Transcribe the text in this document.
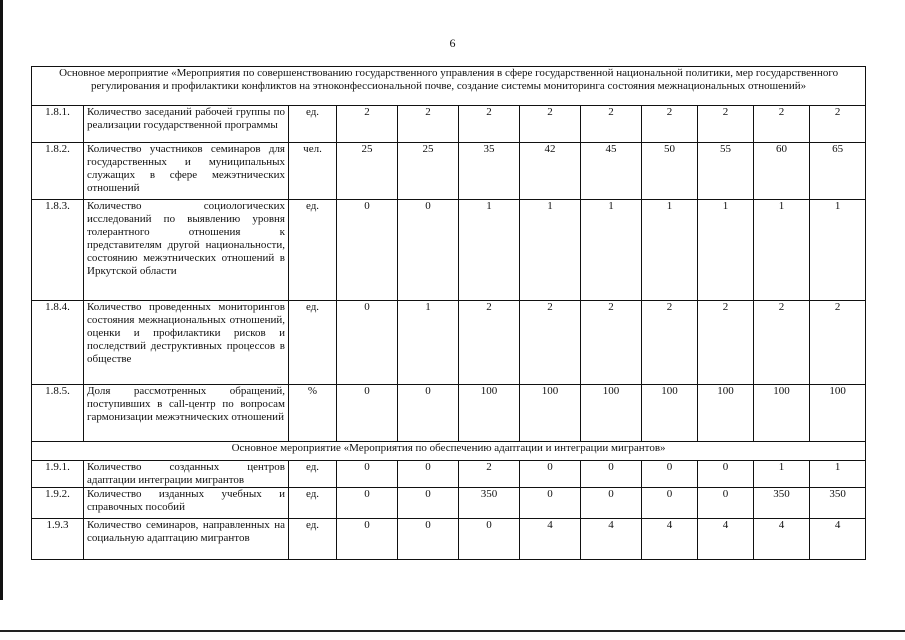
6
Основное мероприятие «Мероприятия по совершенствованию государственного управления в сфере государственной национальной политики, мер государственного регулирования и профилактики конфликтов на этноконфессиональной почве, создание системы мониторинга состояния межнациональных отношений»											
1.8.1.	Количество заседаний рабочей группы по реализации государственной программы	ед.	2	2	2	2	2	2	2	2	2
1.8.2.	Количество участников семинаров для государственных и муниципальных служащих в сфере межэтнических отношений	чел.	25	25	35	42	45	50	55	60	65
1.8.3.	Количество социологических исследований по выявлению уровня толерантного отношения к представителям другой национальности, состоянию межэтнических отношений в Иркутской области	ед.	0	0	1	1	1	1	1	1	1
1.8.4.	Количество проведенных мониторингов состояния межнациональных отношений, оценки и профилактики рисков и последствий деструктивных процессов в обществе	ед.	0	1	2	2	2	2	2	2	2
1.8.5.	Доля рассмотренных обращений, поступивших в call-центр по вопросам гармонизации межэтнических отношений	%	0	0	100	100	100	100	100	100	100
Основное мероприятие «Мероприятия по обеспечению адаптации и интеграции мигрантов»											
1.9.1.	Количество созданных центров адаптации интеграции мигрантов	ед.	0	0	2	0	0	0	0	1	1
1.9.2.	Количество изданных учебных и справочных пособий	ед.	0	0	350	0	0	0	0	350	350
1.9.3	Количество семинаров, направленных на социальную адаптацию мигрантов	ед.	0	0	0	4	4	4	4	4	4
